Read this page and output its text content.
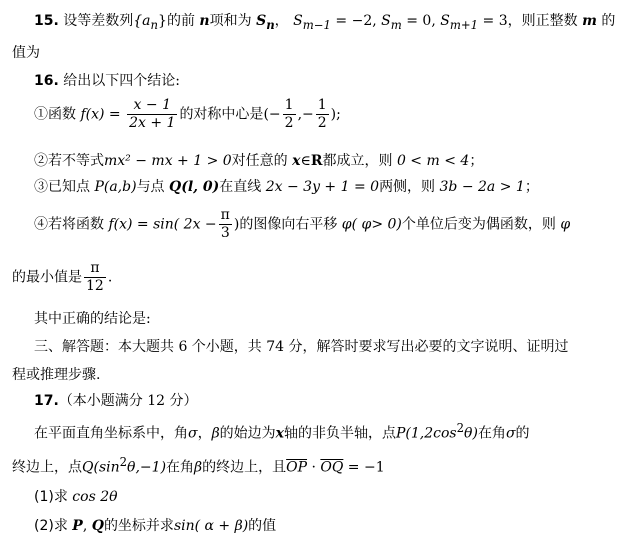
15. 设等差数列$\{a_n\}$的前 n项和为 $S_n$， $S_{m-1} = -2$, $S_m = 0$, $S_{m+1} = 3$，则正整数 m 的
值为
16. 给出以下四个结论:
①函数 $f(x) = \frac{x - 1}{2x + 1}$ 的对称中心是(− $\frac{1}{2}$ ,− $\frac{1}{2}$ );
②若不等式mx² − mx + 1 > 0对任意的 x∈R都成立，则 0 < m < 4；
③已知点 P(a,b)与点 Q(l, 0)在直线 2x − 3y + 1 = 0两侧，则 3b − 2a > 1；
④若将函数 f(x) = sin( $2x - \frac{\pi}{3}$ )的图像向右平移 φ( φ> 0)个单位后变为偶函数，则 φ
的最小值是 $\frac{\pi}{12}$ .
其中正确的结论是:
三、解答题：本大题共 6 个小题，共 74 分，解答时要求写出必要的文字说明、证明过
程或推理步骤.
17.（本小题满分 12 分）
在平面直角坐标系中，角σ，β的始边为x轴的非负半轴，点$P(1,2\cos^2\theta)$在角σ的
终边上，点$Q(\sin^2\theta,-1)$在角β的终边上，且$\overline{OP} \cdot \overline{OQ} = -1$
(1)求 cos 2θ
(2)求 P, Q的坐标并求sin( α + β)的值
